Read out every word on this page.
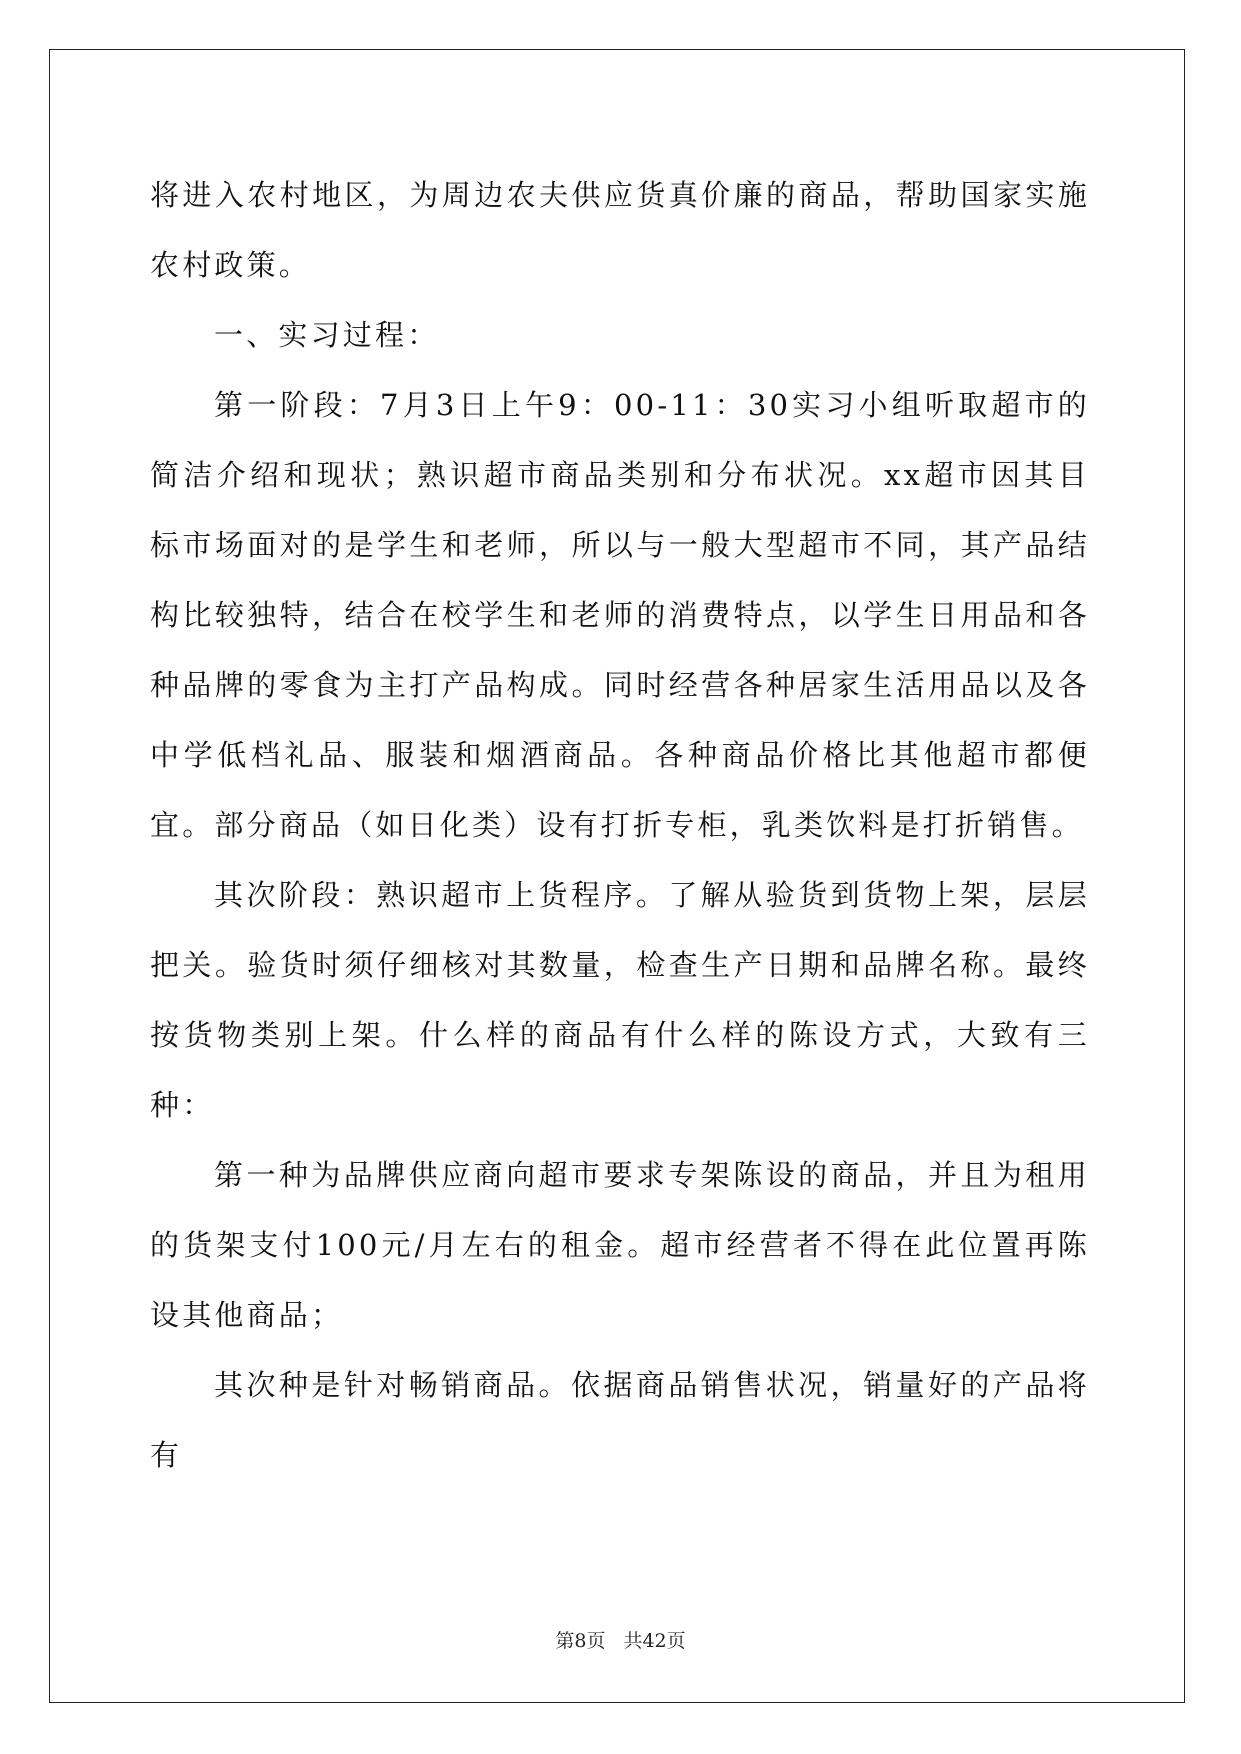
将进入农村地区，为周边农夫供应货真价廉的商品，帮助国家实施农村政策。

一、实习过程：

第一阶段：7月3日上午9：00-11：30实习小组听取超市的简洁介绍和现状；熟识超市商品类别和分布状况。xx超市因其目标市场面对的是学生和老师，所以与一般大型超市不同，其产品结构比较独特，结合在校学生和老师的消费特点，以学生日用品和各种品牌的零食为主打产品构成。同时经营各种居家生活用品以及各中学低档礼品、服装和烟酒商品。各种商品价格比其他超市都便宜。部分商品（如日化类）设有打折专柜，乳类饮料是打折销售。

其次阶段：熟识超市上货程序。了解从验货到货物上架，层层把关。验货时须仔细核对其数量，检查生产日期和品牌名称。最终按货物类别上架。什么样的商品有什么样的陈设方式，大致有三种：

第一种为品牌供应商向超市要求专架陈设的商品，并且为租用的货架支付100元/月左右的租金。超市经营者不得在此位置再陈设其他商品；

其次种是针对畅销商品。依据商品销售状况，销量好的产品将有

第8页 共42页
